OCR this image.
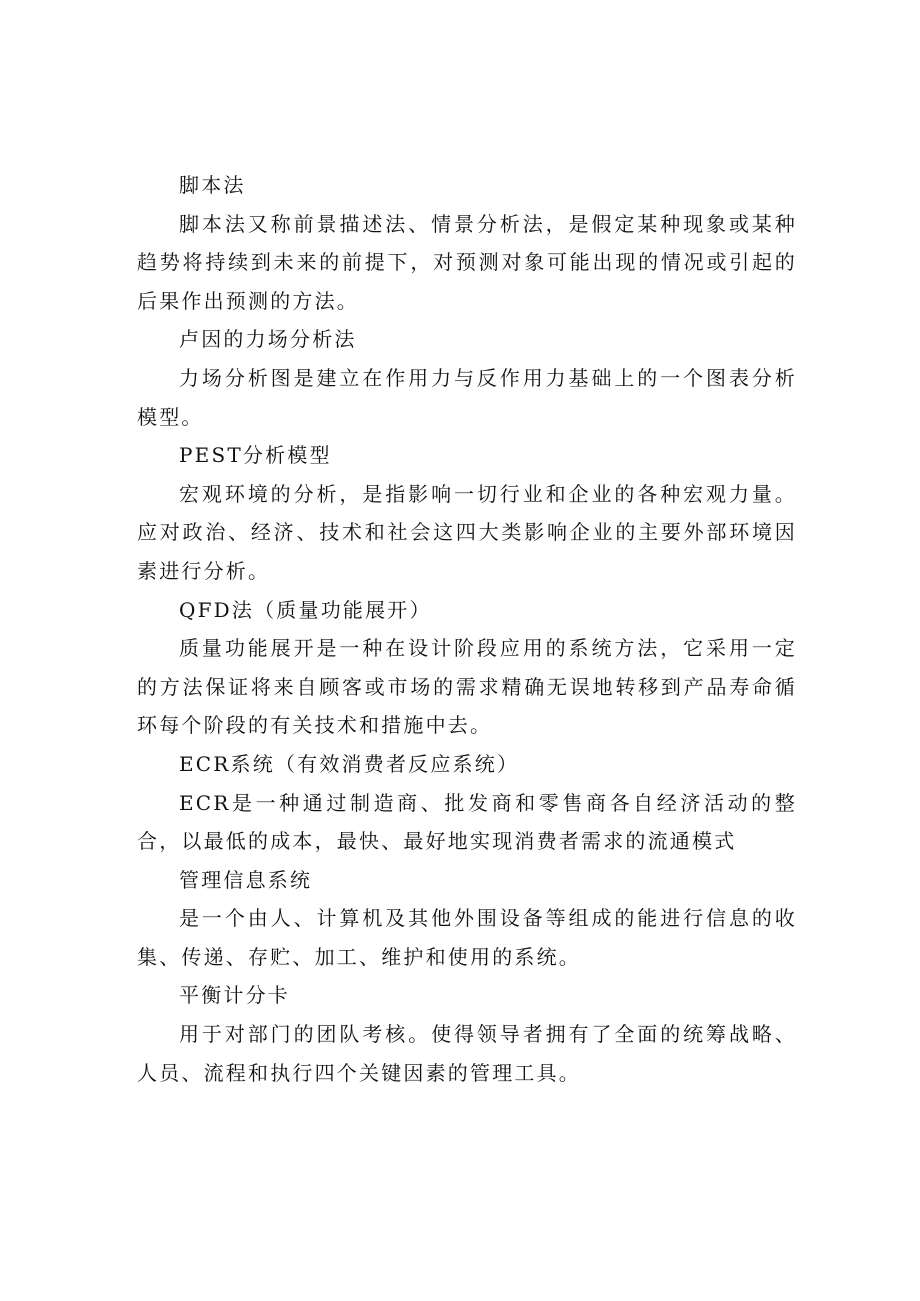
脚本法

脚本法又称前景描述法、情景分析法，是假定某种现象或某种趋势将持续到未来的前提下，对预测对象可能出现的情况或引起的后果作出预测的方法。

卢因的力场分析法

力场分析图是建立在作用力与反作用力基础上的一个图表分析模型。

PEST分析模型

宏观环境的分析，是指影响一切行业和企业的各种宏观力量。应对政治、经济、技术和社会这四大类影响企业的主要外部环境因素进行分析。

QFD法（质量功能展开）

质量功能展开是一种在设计阶段应用的系统方法，它采用一定的方法保证将来自顾客或市场的需求精确无误地转移到产品寿命循环每个阶段的有关技术和措施中去。

ECR系统（有效消费者反应系统）

ECR是一种通过制造商、批发商和零售商各自经济活动的整合，以最低的成本，最快、最好地实现消费者需求的流通模式

管理信息系统

是一个由人、计算机及其他外围设备等组成的能进行信息的收集、传递、存贮、加工、维护和使用的系统。

平衡计分卡

用于对部门的团队考核。使得领导者拥有了全面的统筹战略、人员、流程和执行四个关键因素的管理工具。
